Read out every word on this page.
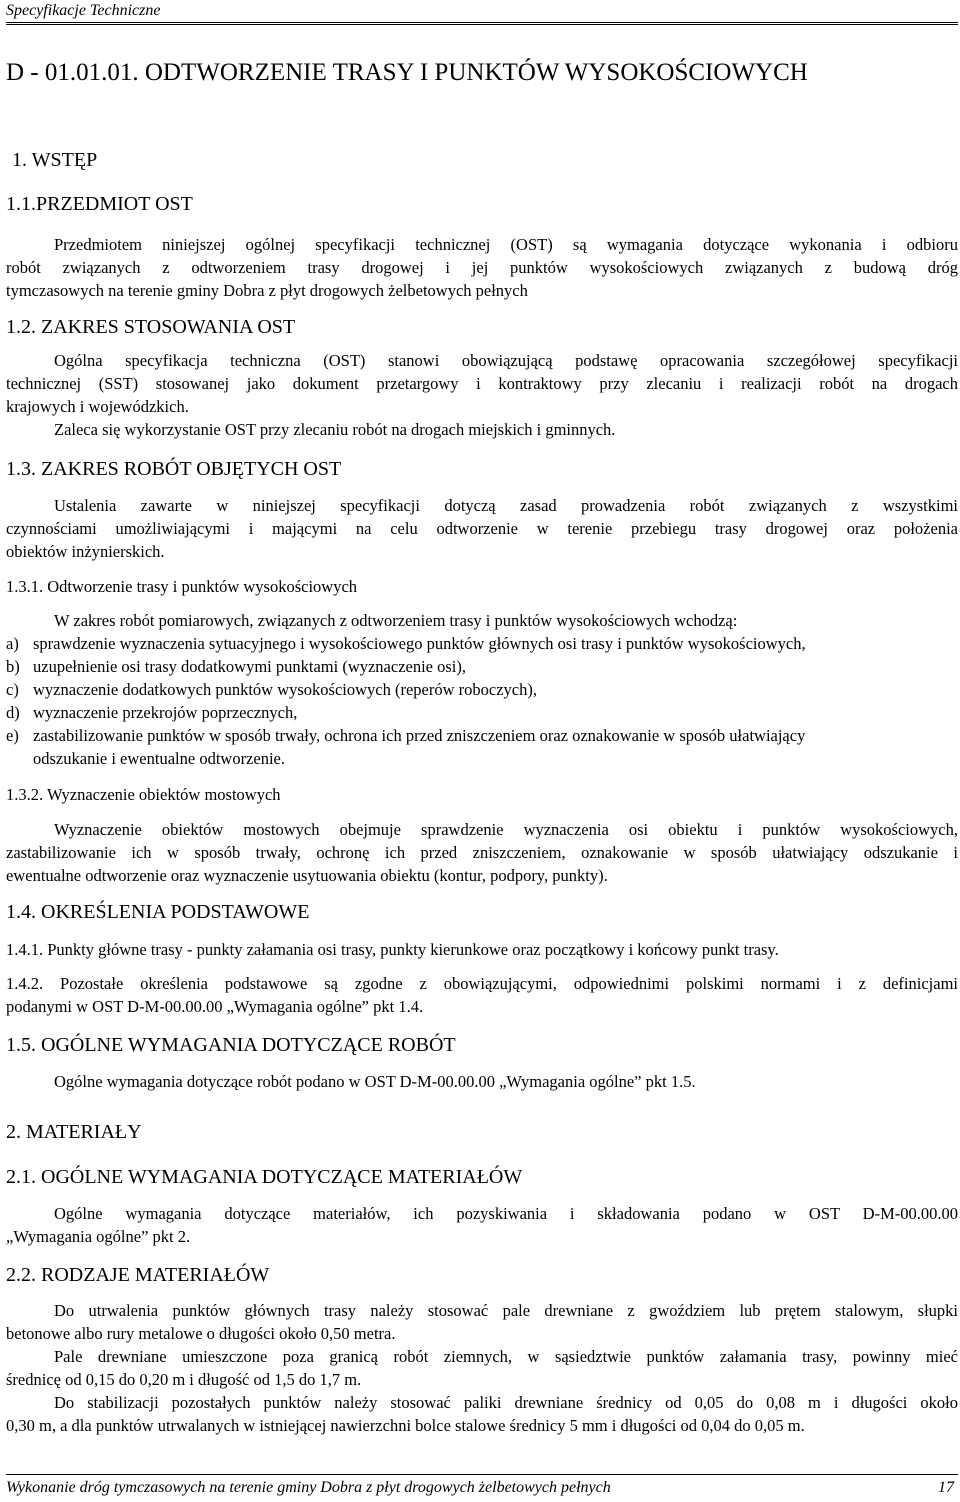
Specyfikacje Techniczne
D - 01.01.01. ODTWORZENIE TRASY I PUNKTÓW WYSOKOŚCIOWYCH
1. WSTĘP
1.1.PRZEDMIOT OST
Przedmiotem niniejszej ogólnej specyfikacji technicznej (OST) są wymagania dotyczące wykonania i odbioru
robót związanych z odtworzeniem trasy drogowej i jej punktów wysokościowych związanych z budową dróg
tymczasowych na terenie gminy Dobra z płyt drogowych żelbetowych pełnych
1.2. ZAKRES STOSOWANIA OST
Ogólna specyfikacja techniczna (OST) stanowi obowiązującą podstawę opracowania szczegółowej specyfikacji
technicznej (SST) stosowanej jako dokument przetargowy i kontraktowy przy zlecaniu i realizacji robót na drogach
krajowych i wojewódzkich.
Zaleca się wykorzystanie OST przy zlecaniu robót na drogach miejskich i gminnych.
1.3. ZAKRES ROBÓT OBJĘTYCH OST
Ustalenia zawarte w niniejszej specyfikacji dotyczą zasad prowadzenia robót związanych z wszystkimi
czynnościami umożliwiającymi i mającymi na celu odtworzenie w terenie przebiegu trasy drogowej oraz położenia
obiektów inżynierskich.
1.3.1. Odtworzenie trasy i punktów wysokościowych
W zakres robót pomiarowych, związanych z odtworzeniem trasy i punktów wysokościowych wchodzą:
a) sprawdzenie wyznaczenia sytuacyjnego i wysokościowego punktów głównych osi trasy i punktów wysokościowych,
b) uzupełnienie osi trasy dodatkowymi punktami (wyznaczenie osi),
c) wyznaczenie dodatkowych punktów wysokościowych (reperów roboczych),
d) wyznaczenie przekrojów poprzecznych,
e) zastabilizowanie punktów w sposób trwały, ochrona ich przed zniszczeniem oraz oznakowanie w sposób ułatwiający
odszukanie i ewentualne odtworzenie.
1.3.2. Wyznaczenie obiektów mostowych
Wyznaczenie obiektów mostowych obejmuje sprawdzenie wyznaczenia osi obiektu i punktów wysokościowych,
zastabilizowanie ich w sposób trwały, ochronę ich przed zniszczeniem, oznakowanie w sposób ułatwiający odszukanie i
ewentualne odtworzenie oraz wyznaczenie usytuowania obiektu (kontur, podpory, punkty).
1.4. OKREŚLENIA PODSTAWOWE
1.4.1. Punkty główne trasy - punkty załamania osi trasy, punkty kierunkowe oraz początkowy i końcowy punkt trasy.
1.4.2. Pozostałe określenia podstawowe są zgodne z obowiązującymi, odpowiednimi polskimi normami i z definicjami
podanymi w OST D-M-00.00.00 „Wymagania ogólne” pkt 1.4.
1.5. OGÓLNE WYMAGANIA DOTYCZĄCE ROBÓT
Ogólne wymagania dotyczące robót podano w OST D-M-00.00.00 „Wymagania ogólne” pkt 1.5.
2. MATERIAŁY
2.1. OGÓLNE WYMAGANIA DOTYCZĄCE MATERIAŁÓW
Ogólne wymagania dotyczące materiałów, ich pozyskiwania i składowania podano w OST D-M-00.00.00
„Wymagania ogólne” pkt 2.
2.2. RODZAJE MATERIAŁÓW
Do utrwalenia punktów głównych trasy należy stosować pale drewniane z gwoździem lub prętem stalowym, słupki
betonowe albo rury metalowe o długości około 0,50 metra.
Pale drewniane umieszczone poza granicą robót ziemnych, w sąsiedztwie punktów załamania trasy, powinny mieć
średnicę od 0,15 do 0,20 m i długość od 1,5 do 1,7 m.
Do stabilizacji pozostałych punktów należy stosować paliki drewniane średnicy od 0,05 do 0,08 m i długości około
0,30 m, a dla punktów utrwalanych w istniejącej nawierzchni bolce stalowe średnicy 5 mm i długości od 0,04 do 0,05 m.
Wykonanie dróg tymczasowych na terenie gminy Dobra z płyt drogowych żelbetowych pełnych	17
